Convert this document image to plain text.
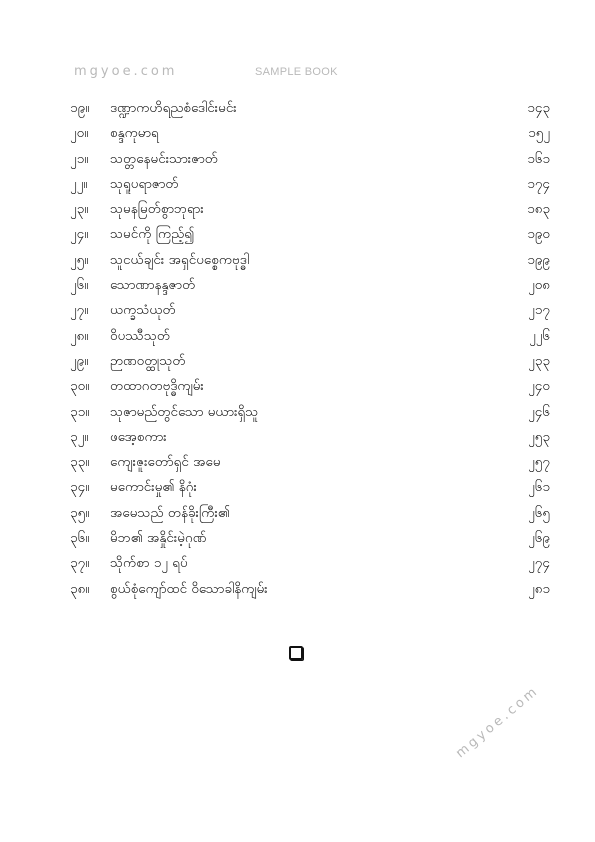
mgyoe.com	SAMPLE BOOK
၁၉။	ဒဏ္ဍာကဟိရညစံဒေါင်းမင်း	၁၄၃
၂၀။	စန္ဒကုမာရ	၁၅၂
၂၁။	သတ္တနေမင်းသားဇာတ်	၁၆၁
၂၂။	သုရူပရာဇာတ်	၁၇၄
၂၃။	သုမနမြတ်စွာဘုရား	၁၈၃
၂၄။	သမင်ကို ကြည့်၍	၁၉၀
၂၅။	သူငယ်ချင်း အရှင်ပစ္စေကဗုဒ္ဓါ	၁၉၉
၂၆။	သောဏာနန္ဒဇာတ်	၂၀၈
၂၇။	ယက္ခသံယုတ်	၂၁၇
၂၈။	ဝိပဿီသုတ်	၂၂၆
၂၉။	ဉာဏဝတ္ထုသုတ်	၂၃၃
၃၀။	တထာဂတဗုဒ္ဓိကျမ်း	၂၄၀
၃၁။	သုဇာမည်တွင်သော မယားရှိသူ	၂၄၆
၃၂။	ဖအေ့စကား	၂၅၃
၃၃။	ကျေးဇူးတော်ရှင် အမေ	၂၅၇
၃၄။	မကောင်းမှု၏ နိဂုံး	၂၆၁
၃၅။	အမေသည် တန်ခိုးကြီး၏	၂၆၅
၃၆။	မိဘ၏ အနှိုင်းမဲ့ဂုဏ်	၂၆၉
၃၇။	သိုက်စာ ၁၂ ရပ်	၂၇၄
၃၈။	စွယ်စုံကျော်ထင် ဝိသောခါနိကျမ်း	၂၈၁
mgyoe.com
